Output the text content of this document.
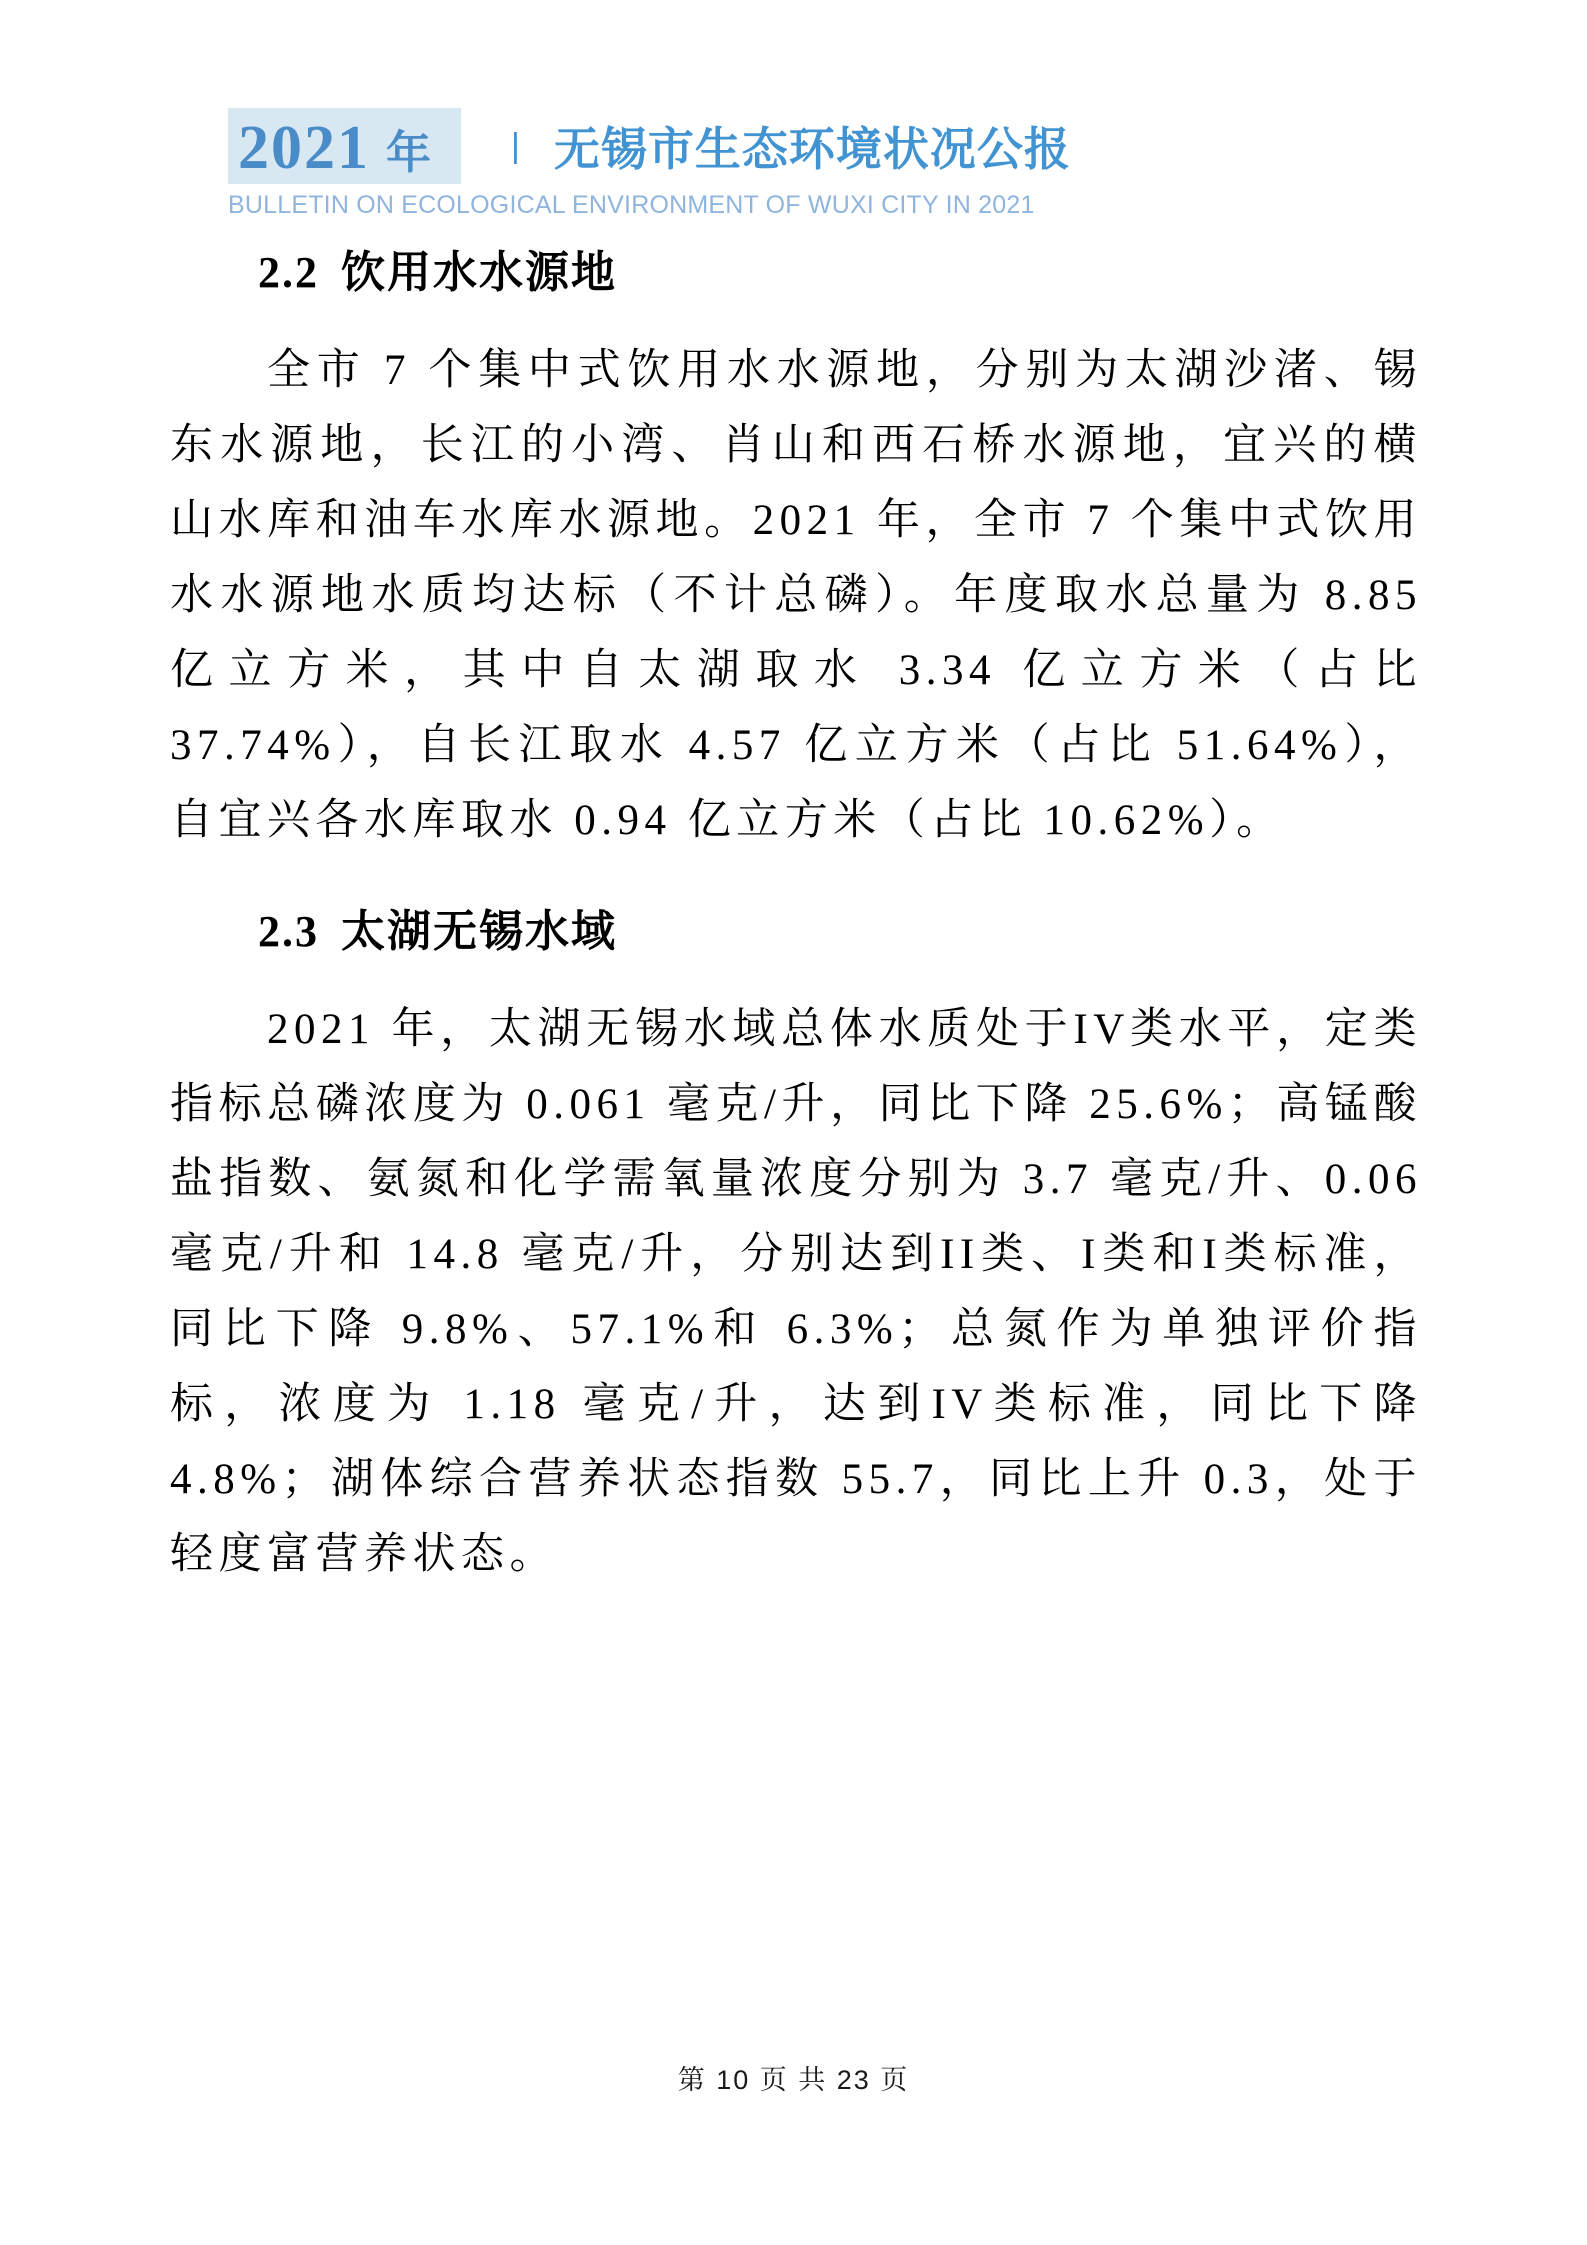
2021 年 | 无锡市生态环境状况公报
BULLETIN ON ECOLOGICAL ENVIRONMENT OF WUXI CITY IN 2021
2.2 饮用水水源地

全市 7 个集中式饮用水水源地，分别为太湖沙渚、锡东水源地，长江的小湾、肖山和西石桥水源地，宜兴的横山水库和油车水库水源地。2021 年，全市 7 个集中式饮用水水源地水质均达标（不计总磷）。年度取水总量为 8.85 亿立方米，其中自太湖取水 3.34 亿立方米（占比 37.74%），自长江取水 4.57 亿立方米（占比 51.64%），自宜兴各水库取水 0.94 亿立方米（占比 10.62%）。

2.3 太湖无锡水域

2021 年，太湖无锡水域总体水质处于IV类水平，定类指标总磷浓度为 0.061 毫克/升，同比下降 25.6%；高锰酸盐指数、氨氮和化学需氧量浓度分别为 3.7 毫克/升、0.06 毫克/升和 14.8 毫克/升，分别达到II类、I类和I类标准，同比下降 9.8%、57.1%和 6.3%；总氮作为单独评价指标，浓度为 1.18 毫克/升，达到IV类标准，同比下降 4.8%；湖体综合营养状态指数 55.7，同比上升 0.3，处于轻度富营养状态。

第 10 页 共 23 页
